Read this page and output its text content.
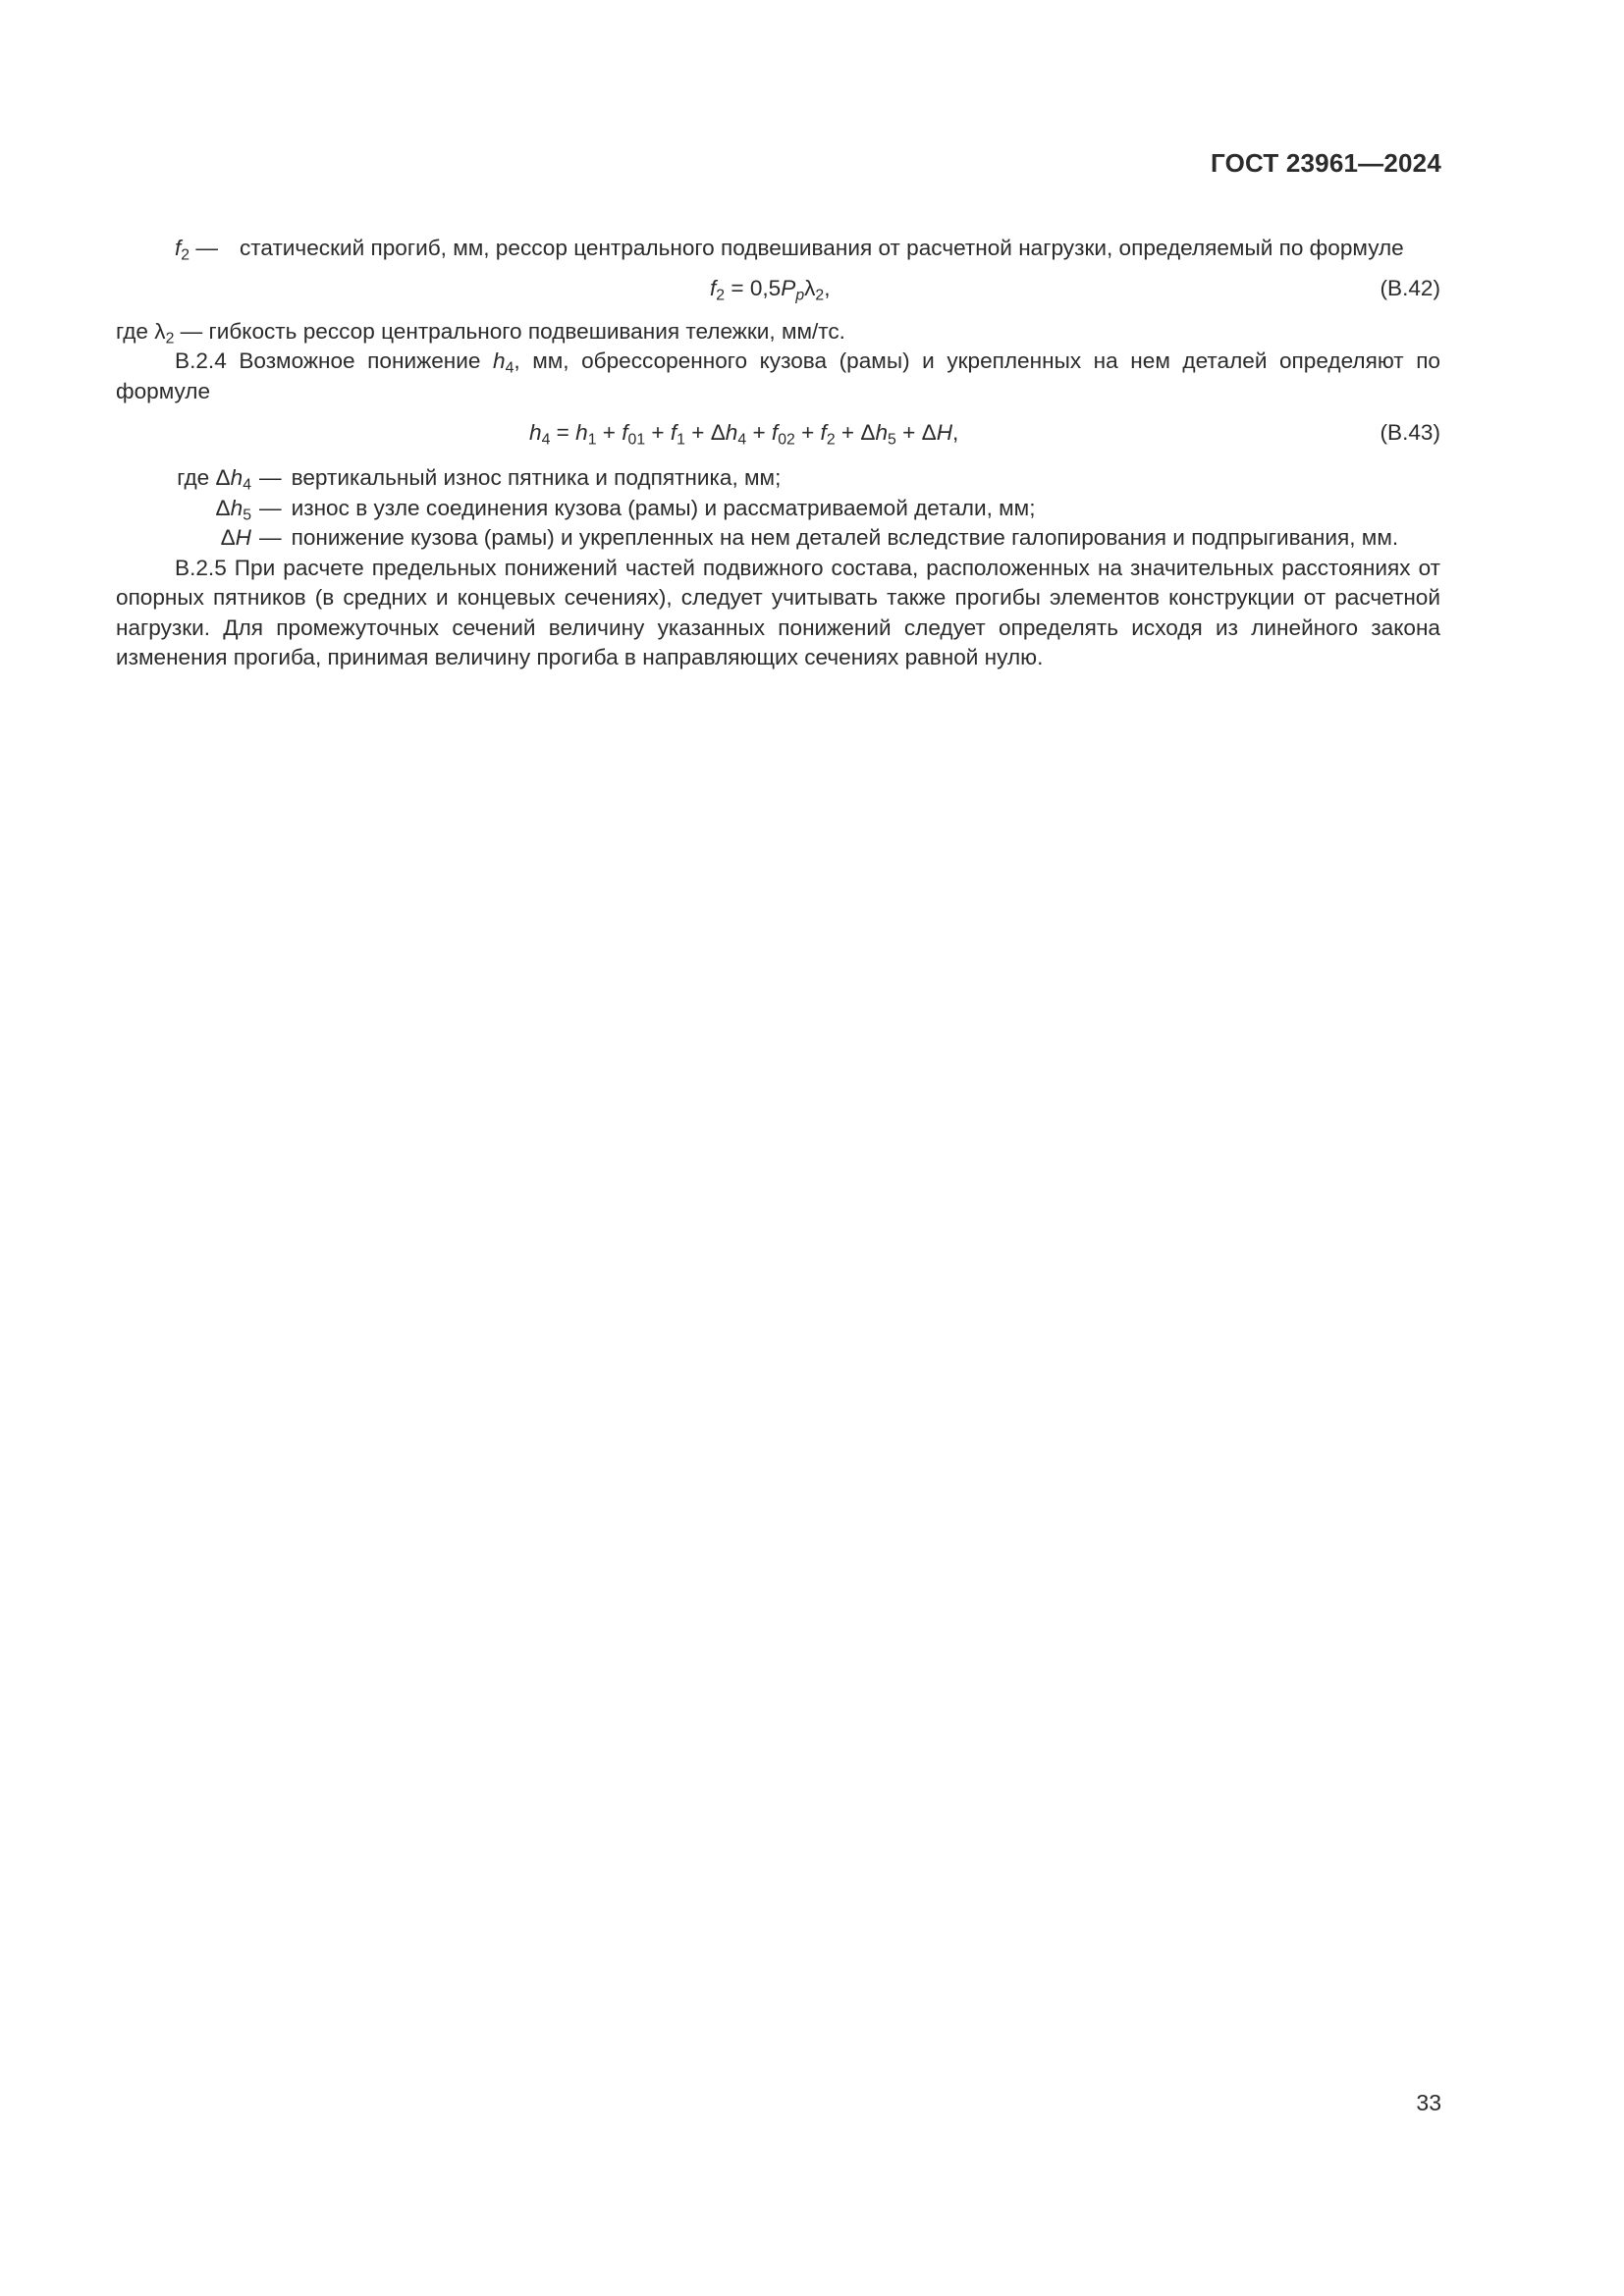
ГОСТ 23961—2024
$f_2$ — статический прогиб, мм, рессор центрального подвешивания от расчетной нагрузки, определяемый по формуле
$f_2 = 0,5P_p\lambda_2$,	(B.42)
где $\lambda_2$ — гибкость рессор центрального подвешивания тележки, мм/тс.
B.2.4 Возможное понижение $h_4$, мм, обрессоренного кузова (рамы) и укрепленных на нем деталей определяют по формуле
$h_4 = h_1 + f_{01} + f_1 + \Delta h_4 + f_{02} + f_2 + \Delta h_5 + \Delta H$,	(B.43)
где $\Delta h_4$ — вертикальный износ пятника и подпятника, мм;
$\Delta h_5$ — износ в узле соединения кузова (рамы) и рассматриваемой детали, мм;
ΔH — понижение кузова (рамы) и укрепленных на нем деталей вследствие галопирования и подпрыгивания, мм.
B.2.5 При расчете предельных понижений частей подвижного состава, расположенных на значительных расстояниях от опорных пятников (в средних и концевых сечениях), следует учитывать также прогибы элементов конструкции от расчетной нагрузки. Для промежуточных сечений величину указанных понижений следует определять исходя из линейного закона изменения прогиба, принимая величину прогиба в направляющих сечениях равной нулю.
33
